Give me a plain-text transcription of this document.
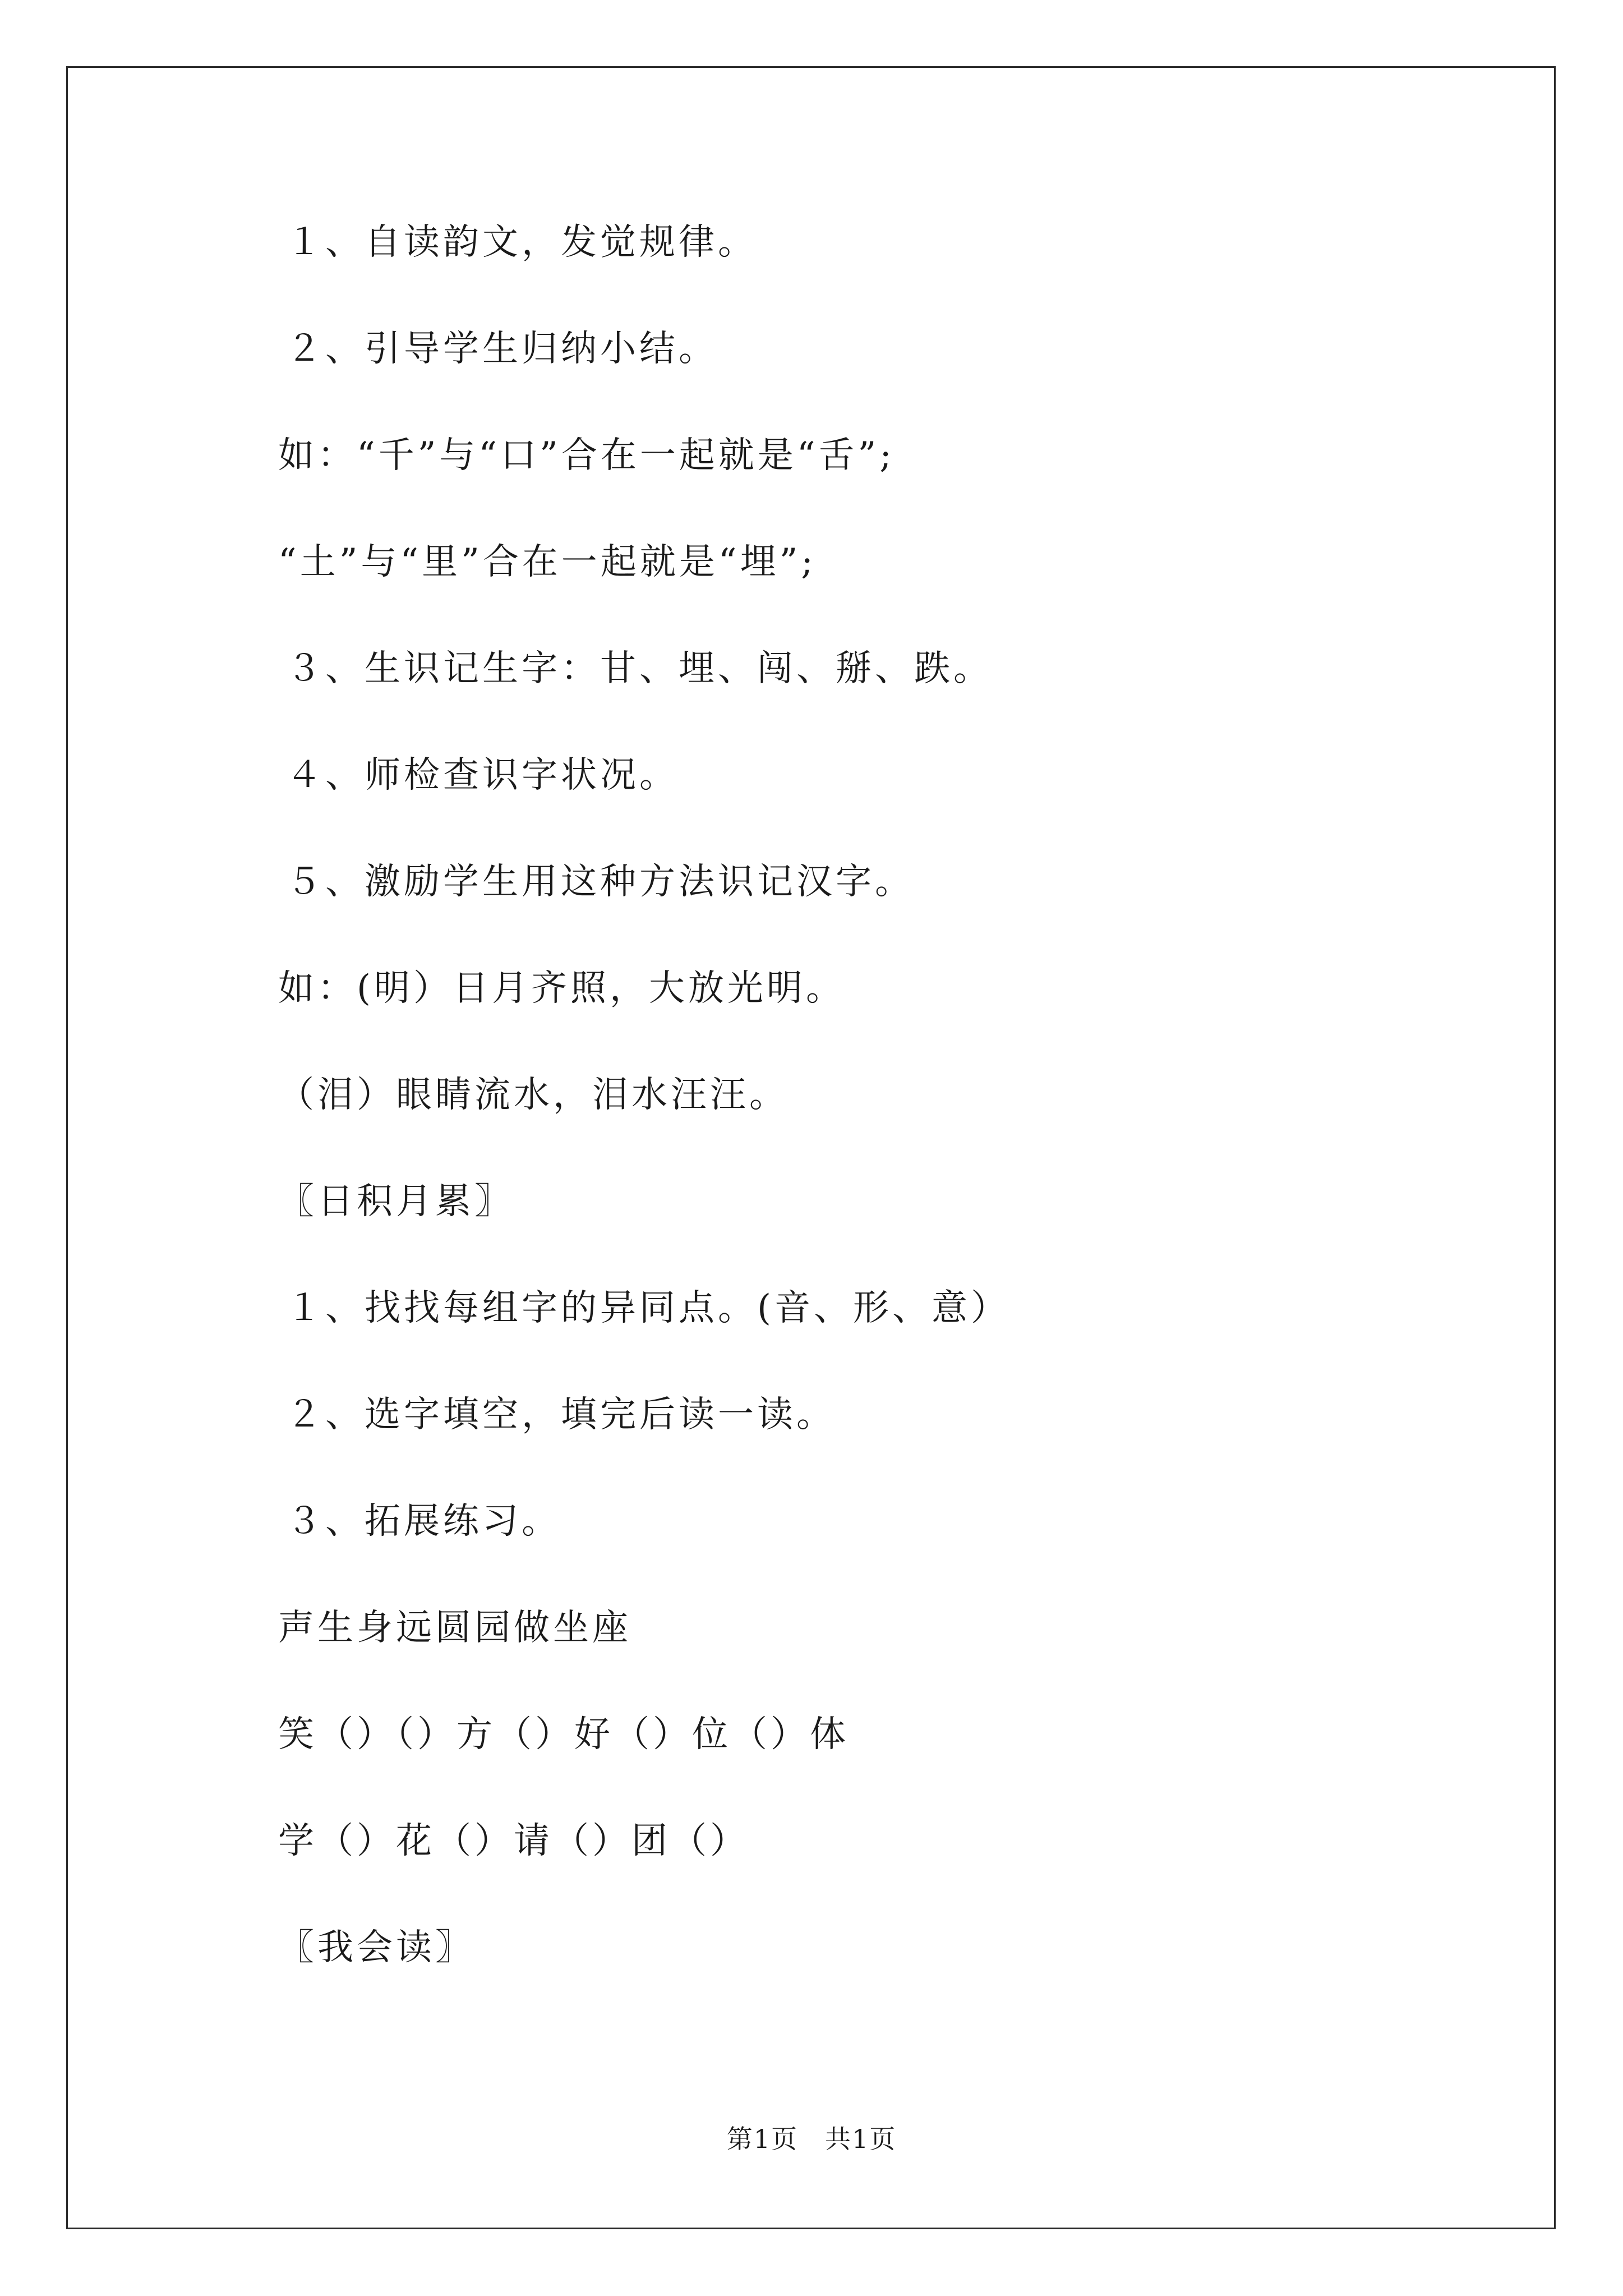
１、自读韵文，发觉规律。
２、引导学生归纳小结。
如：“千”与“口”合在一起就是“舌”;
“土”与“里”合在一起就是“埋”;
３、生识记生字：甘、埋、闯、掰、跌。
４、师检查识字状况。
５、激励学生用这种方法识记汉字。
如：(明）日月齐照，大放光明。
（泪）眼睛流水，泪水汪汪。
〖日积月累〗
１、找找每组字的异同点。(音、形、意）
２、选字填空，填完后读一读。
３、拓展练习。
声生身远圆园做坐座
笑（）（）方（）好（）位（）体
学（）花（）请（）团（）
〖我会读〗
第1页　共1页
